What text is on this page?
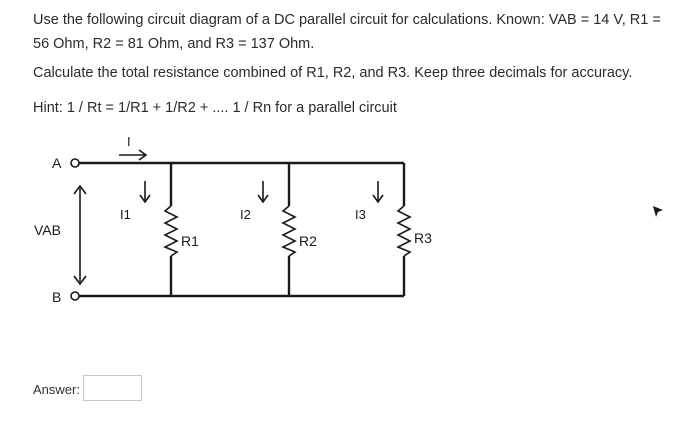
Use the following circuit diagram of a DC parallel circuit for calculations. Known: VAB = 14 V, R1 =
56 Ohm, R2 = 81 Ohm, and R3 = 137 Ohm.
Calculate the total resistance combined of R1, R2, and R3. Keep three decimals for accuracy.
Hint: 1 / Rt = 1/R1 + 1/R2 + .... 1 / Rn for a parallel circuit
A
B
VAB
I
I1	I2	I3
R1	R2	R3
Answer:
